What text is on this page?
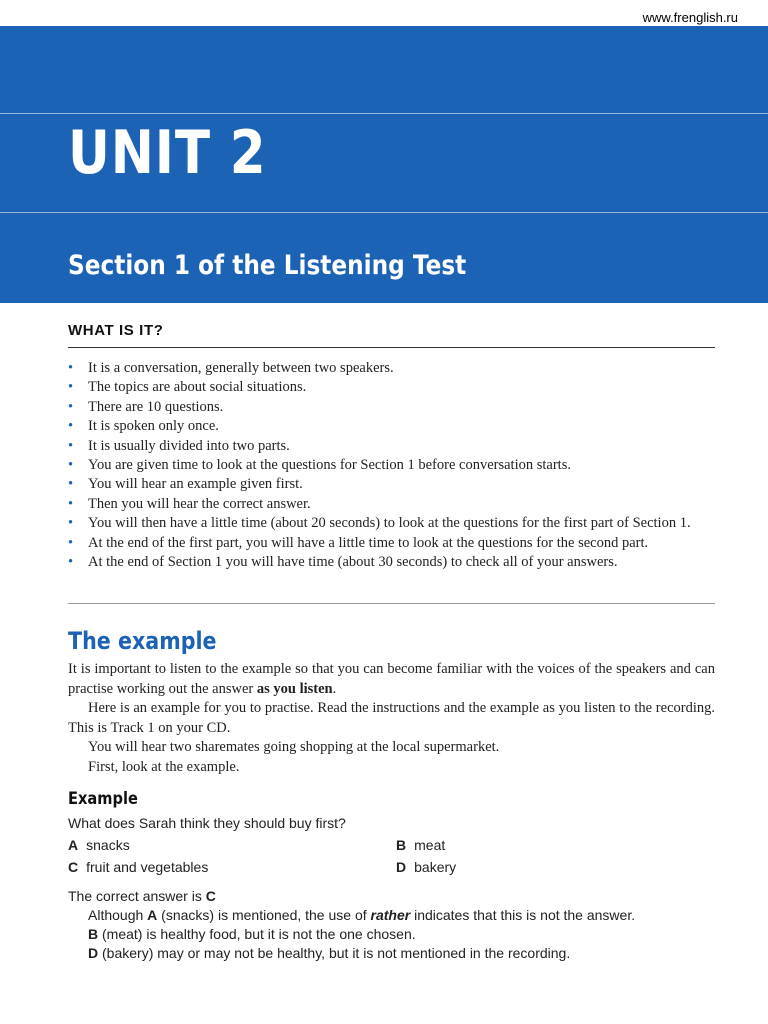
www.frenglish.ru
UNIT 2
Section 1 of the Listening Test
WHAT IS IT?
• It is a conversation, generally between two speakers.
• The topics are about social situations.
• There are 10 questions.
• It is spoken only once.
• It is usually divided into two parts.
• You are given time to look at the questions for Section 1 before conversation starts.
• You will hear an example given first.
• Then you will hear the correct answer.
• You will then have a little time (about 20 seconds) to look at the questions for the first part of Section 1.
• At the end of the first part, you will have a little time to look at the questions for the second part.
• At the end of Section 1 you will have time (about 30 seconds) to check all of your answers.
The example

It is important to listen to the example so that you can become familiar with the voices of the speakers and can practise working out the answer as you listen.

Here is an example for you to practise. Read the instructions and the example as you listen to the recording. This is Track 1 on your CD.

You will hear two sharemates going shopping at the local supermarket.

First, look at the example.

Example
What does Sarah think they should buy first?
A snacks	B meat
C fruit and vegetables	D bakery
The correct answer is C
Although A (snacks) is mentioned, the use of rather indicates that this is not the answer.
B (meat) is healthy food, but it is not the one chosen.
D (bakery) may or may not be healthy, but it is not mentioned in the recording.
